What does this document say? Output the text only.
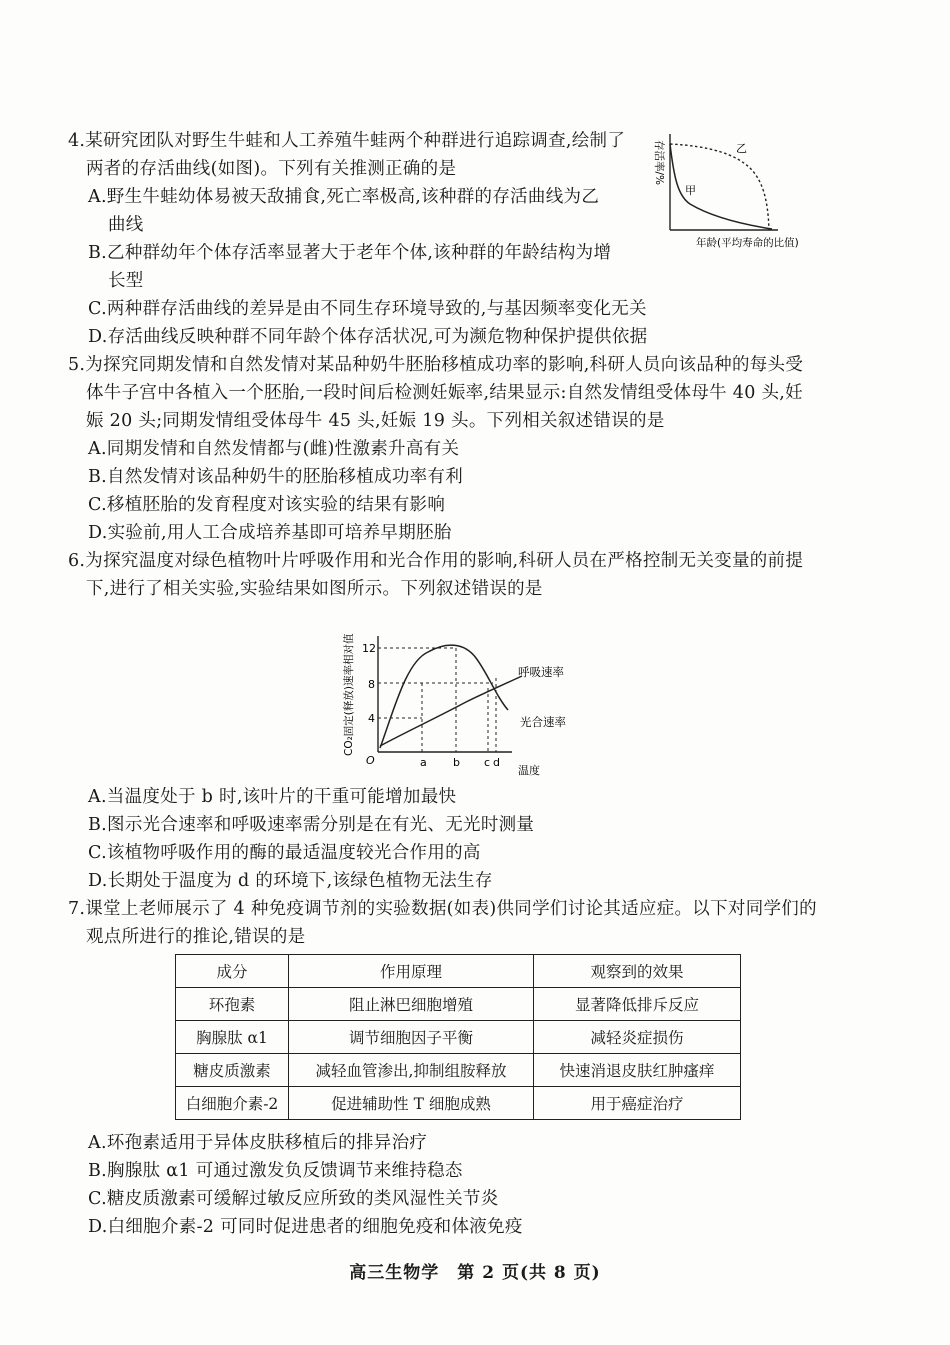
4.某研究团队对野生牛蛙和人工养殖牛蛙两个种群进行追踪调查,绘制了
两者的存活曲线(如图)。下列有关推测正确的是
A.野生牛蛙幼体易被天敌捕食,死亡率极高,该种群的存活曲线为乙
曲线
B.乙种群幼年个体存活率显著大于老年个体,该种群的年龄结构为增
长型
C.两种群存活曲线的差异是由不同生存环境导致的,与基因频率变化无关
D.存活曲线反映种群不同年龄个体存活状况,可为濒危物种保护提供依据
存活率/%
甲
乙
年龄(平均寿命的比值)
5.为探究同期发情和自然发情对某品种奶牛胚胎移植成功率的影响,科研人员向该品种的每头受
体牛子宫中各植入一个胚胎,一段时间后检测妊娠率,结果显示:自然发情组受体母牛 40 头,妊
娠 20 头;同期发情组受体母牛 45 头,妊娠 19 头。下列相关叙述错误的是
A.同期发情和自然发情都与(雌)性激素升高有关
B.自然发情对该品种奶牛的胚胎移植成功率有利
C.移植胚胎的发育程度对该实验的结果有影响
D.实验前,用人工合成培养基即可培养早期胚胎
6.为探究温度对绿色植物叶片呼吸作用和光合作用的影响,科研人员在严格控制无关变量的前提
下,进行了相关实验,实验结果如图所示。下列叙述错误的是
CO₂固定(释放)速率相对值 12
8
4
O	a b c d
温度
呼吸速率
光合速率
A.当温度处于 b 时,该叶片的干重可能增加最快
B.图示光合速率和呼吸速率需分别是在有光、无光时测量
C.该植物呼吸作用的酶的最适温度较光合作用的高
D.长期处于温度为 d 的环境下,该绿色植物无法生存
7.课堂上老师展示了 4 种免疫调节剂的实验数据(如表)供同学们讨论其适应症。以下对同学们的
观点所进行的推论,错误的是
成分	作用原理	观察到的效果
环孢素	阻止淋巴细胞增殖	显著降低排斥反应
胸腺肽 α1	调节细胞因子平衡	减轻炎症损伤
糖皮质激素	减轻血管渗出,抑制组胺释放	快速消退皮肤红肿瘙痒
白细胞介素-2	促进辅助性 T 细胞成熟	用于癌症治疗
A.环孢素适用于异体皮肤移植后的排异治疗
B.胸腺肽 α1 可通过激发负反馈调节来维持稳态
C.糖皮质激素可缓解过敏反应所致的类风湿性关节炎
D.白细胞介素-2 可同时促进患者的细胞免疫和体液免疫
高三生物学　第 2 页(共 8 页)
